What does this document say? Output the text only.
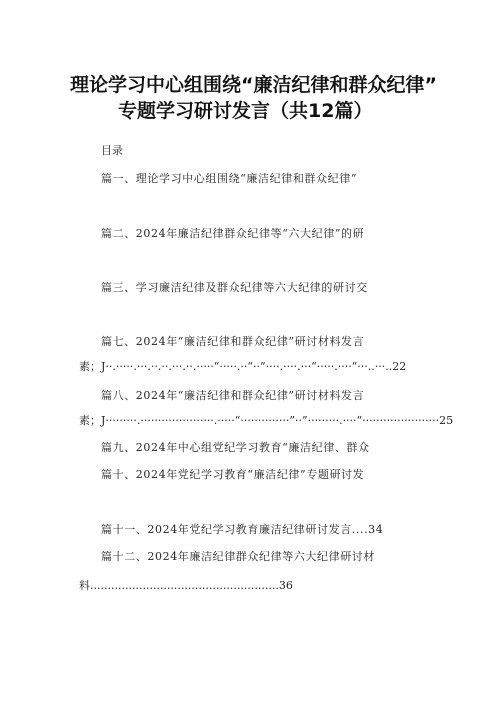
理论学习中心组围绕“廉洁纪律和群众纪律”
专题学习研讨发言（共12篇）
目录
篇一、理论学习中心组围绕“廉洁纪律和群众纪律”
篇二、2024年廉洁纪律群众纪律等“六大纪律”的研
篇三、学习廉洁纪律及群众纪律等六大纪律的研讨交
篇七、2024年“廉洁纪律和群众纪律”研讨材料发言
素；J··.·····.···.··.··.···.··.·····“·····.··“··”····.····.···“·····.····“···..···..22
篇八、2024年“廉洁纪律和群众纪律”研讨材料发言
素；J·········.·····················.·····“··············”··”·········.····“······················25
篇九、2024年中心组党纪学习教育“廉洁纪律、群众
篇十、2024年党纪学习教育“廉洁纪律”专题研讨发
篇十一、2024年党纪学习教育廉洁纪律研讨发言....34
篇十二、2024年廉洁纪律群众纪律等六大纪律研讨材
料......................................................36
